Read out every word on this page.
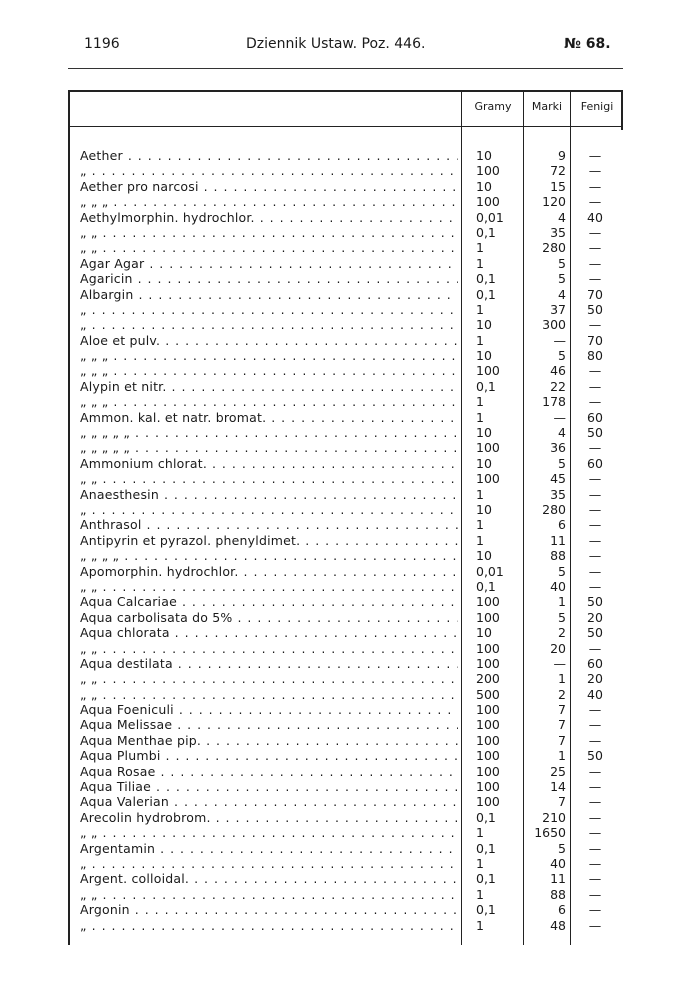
1196	Dziennik Ustaw. Poz. 446.	№ 68.
Gramy	Marki	Fenigi
Aether . . .	10	9	—
„ . . .	100	72	—
Aether pro narcosi . . .	10	15	—
„ „ „ . . .	100	120	—
Aethylmorphin. hydrochlor. . . .	0,01	4	40
„ „ . . .	0,1	35	—
„ „ . . .	1	280	—
Agar Agar . . .	1	5	—
Agaricin . . .	0,1	5	—
Albargin . . .	0,1	4	70
„ . . .	1	37	50
„ . . .	10	300	—
Aloe et pulv. . . .	1	—	70
„ „ „ . . .	10	5	80
„ „ „ . . .	100	46	—
Alypin et nitr. . . .	0,1	22	—
„ „ „ . . .	1	178	—
Ammon. kal. et natr. bromat. . . .	1	—	60
„ „ „ „ „ . . .	10	4	50
„ „ „ „ „ . . .	100	36	—
Ammonium chlorat. . . .	10	5	60
„ „ . . .	100	45	—
Anaesthesin . . .	1	35	—
„ . . .	10	280	—
Anthrasol . . .	1	6	—
Antipyrin et pyrazol. phenyldimet. . . .	1	11	—
„ „ „ „ . . .	10	88	—
Apomorphin. hydrochlor. . . .	0,01	5	—
„ „ . . .	0,1	40	—
Aqua Calcariae . . .	100	1	50
Aqua carbolisata do 5% . . .	100	5	20
Aqua chlorata . . .	10	2	50
„ „ . . .	100	20	—
Aqua destilata . . .	100	—	60
„ „ . . .	200	1	20
„ „ . . .	500	2	40
Aqua Foeniculi . . .	100	7	—
Aqua Melissae . . .	100	7	—
Aqua Menthae pip. . . .	100	7	—
Aqua Plumbi . . .	100	1	50
Aqua Rosae . . .	100	25	—
Aqua Tiliae . . .	100	14	—
Aqua Valerian . . .	100	7	—
Arecolin hydrobrom. . . .	0,1	210	—
„ „ . . .	1	1650	—
Argentamin . . .	0,1	5	—
„ . . .	1	40	—
Argent. colloidal. . . .	0,1	11	—
„ „ . . .	1	88	—
Argonin . . .	0,1	6	—
„ . . .	1	48	—
